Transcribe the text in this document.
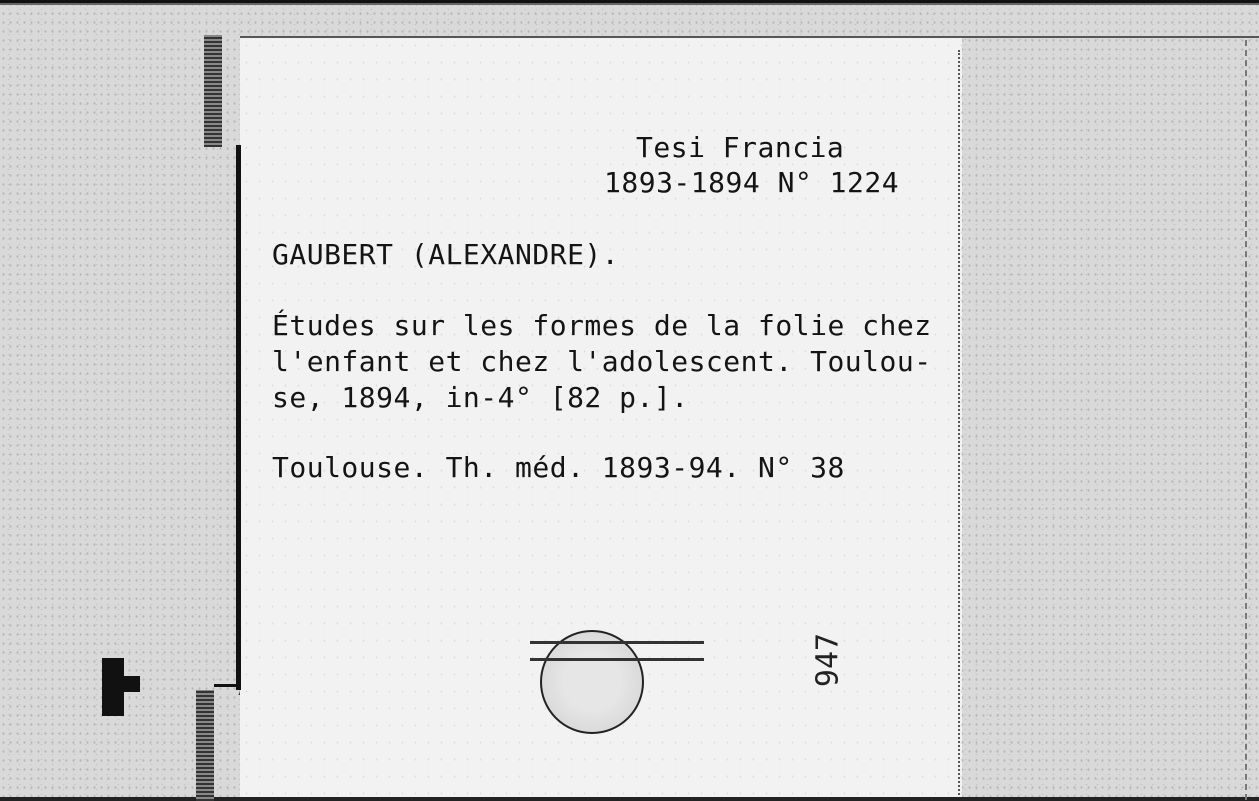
Tesi Francia
1893-1894 N° 1224
GAUBERT (ALEXANDRE).
Études sur les formes de la folie chez
l'enfant et chez l'adolescent. Toulou-
se, 1894, in-4° [82 p.].
Toulouse. Th. méd. 1893-94. N° 38
947
